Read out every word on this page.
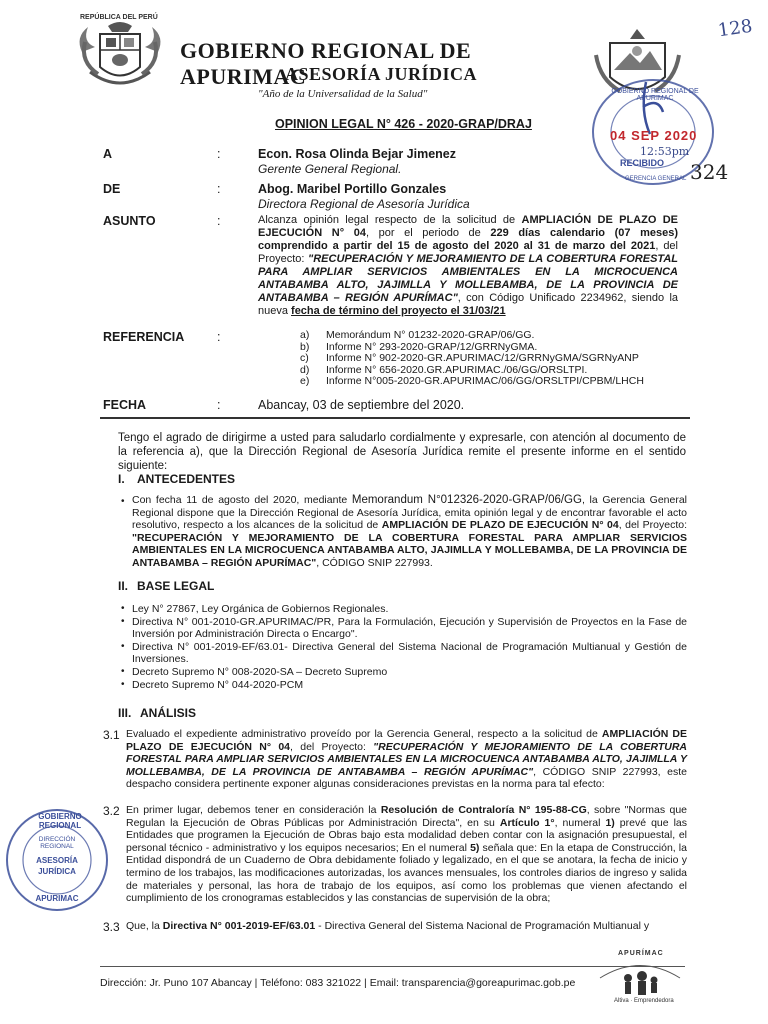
REPÚBLICA DEL PERÚ
GOBIERNO REGIONAL DE APURIMAC
ASESORÍA JURÍDICA
"Año de la Universalidad de la Salud"
128
GOBIERNO REGIONAL DE APURIMAC
04 SEP 2020
12:53pm
RECIBIDO
GERENCIA GENERAL 324
OPINION LEGAL N° 426 - 2020-GRAP/DRAJ
A	:	Econ. Rosa Olinda Bejar Jimenez
Gerente General Regional.
DE	:	Abog. Maribel Portillo Gonzales
Directora Regional de Asesoría Jurídica
ASUNTO	:	Alcanza opinión legal respecto de la solicitud de AMPLIACIÓN DE PLAZO DE EJECUCIÓN N° 04, por el periodo de 229 días calendario (07 meses) comprendido a partir del 15 de agosto del 2020 al 31 de marzo del 2021, del Proyecto: "RECUPERACIÓN Y MEJORAMIENTO DE LA COBERTURA FORESTAL PARA AMPLIAR SERVICIOS AMBIENTALES EN LA MICROCUENCA ANTABAMBA ALTO, JAJIMLLA Y MOLLEBAMBA, DE LA PROVINCIA DE ANTABAMBA – REGIÓN APURÍMAC", con Código Unificado 2234962, siendo la nueva fecha de término del proyecto el 31/03/21
REFERENCIA	:	a)	Memorándum N° 01232-2020-GRAP/06/GG.
b)	Informe N° 293-2020-GRAP/12/GRRNyGMA.
c)	Informe N° 902-2020-GR.APURIMAC/12/GRRNyGMA/SGRNyANP
d)	Informe N° 656-2020.GR.APURIMAC./06/GG/ORSLTPI.
e)	Informe N°005-2020-GR.APURIMAC/06/GG/ORSLTPI/CPBM/LHCH
FECHA	:	Abancay, 03 de septiembre del 2020.
Tengo el agrado de dirigirme a usted para saludarlo cordialmente y expresarle, con atención al documento de la referencia a), que la Dirección Regional de Asesoría Jurídica remite el presente informe en el sentido siguiente:
I. ANTECEDENTES
• Con fecha 11 de agosto del 2020, mediante Memorandum N°012326-2020-GRAP/06/GG, la Gerencia General Regional dispone que la Dirección Regional de Asesoría Jurídica, emita opinión legal y de encontrar favorable el acto resolutivo, respecto a los alcances de la solicitud de AMPLIACIÓN DE PLAZO DE EJECUCIÓN N° 04, del Proyecto: "RECUPERACIÓN Y MEJORAMIENTO DE LA COBERTURA FORESTAL PARA AMPLIAR SERVICIOS AMBIENTALES EN LA MICROCUENCA ANTABAMBA ALTO, JAJIMLLA Y MOLLEBAMBA, DE LA PROVINCIA DE ANTABAMBA – REGIÓN APURÍMAC", CÓDIGO SNIP 227993.
II. BASE LEGAL
• Ley N° 27867, Ley Orgánica de Gobiernos Regionales.
• Directiva N° 001-2010-GR.APURIMAC/PR, Para la Formulación, Ejecución y Supervisión de Proyectos en la Fase de Inversión por Administración Directa o Encargo".
• Directiva N° 001-2019-EF/63.01- Directiva General del Sistema Nacional de Programación Multianual y Gestión de Inversiones.
• Decreto Supremo N° 008-2020-SA – Decreto Supremo
• Decreto Supremo N° 044-2020-PCM
III. ANÁLISIS
3.1 Evaluado el expediente administrativo proveído por la Gerencia General, respecto a la solicitud de AMPLIACIÓN DE PLAZO DE EJECUCIÓN N° 04, del Proyecto: "RECUPERACIÓN Y MEJORAMIENTO DE LA COBERTURA FORESTAL PARA AMPLIAR SERVICIOS AMBIENTALES EN LA MICROCUENCA ANTABAMBA ALTO, JAJIMLLA Y MOLLEBAMBA, DE LA PROVINCIA DE ANTABAMBA – REGIÓN APURÍMAC", CÓDIGO SNIP 227993, este despacho considera pertinente exponer algunas consideraciones previstas en la norma para tal efecto:
3.2 En primer lugar, debemos tener en consideración la Resolución de Contraloría N° 195-88-CG, sobre "Normas que Regulan la Ejecución de Obras Públicas por Administración Directa", en su Artículo 1°, numeral 1) prevé que las Entidades que programen la Ejecución de Obras bajo esta modalidad deben contar con la asignación presupuestal, el personal técnico - administrativo y los equipos necesarios; En el numeral 5) señala que: En la etapa de Construcción, la Entidad dispondrá de un Cuaderno de Obra debidamente foliado y legalizado, en el que se anotara, la fecha de inicio y termino de los trabajos, las modificaciones autorizadas, los avances mensuales, los controles diarios de ingreso y salida de materiales y personal, las hora de trabajo de los equipos, así como los problemas que vienen afectando el cumplimiento de los cronogramas establecidos y las constancias de supervisión de la obra;
3.3 Que, la Directiva N° 001-2019-EF/63.01 - Directiva General del Sistema Nacional de Programación Multianual y
GOBIERNO REGIONAL
DIRECCIÓN REGIONAL
ASESORÍA
JURÍDICA
APURIMAC
Dirección: Jr. Puno 107 Abancay | Teléfono: 083 321022 | Email: transparencia@goreapurimac.gob.pe
APURÍMAC
Altiva · Emprendedora
